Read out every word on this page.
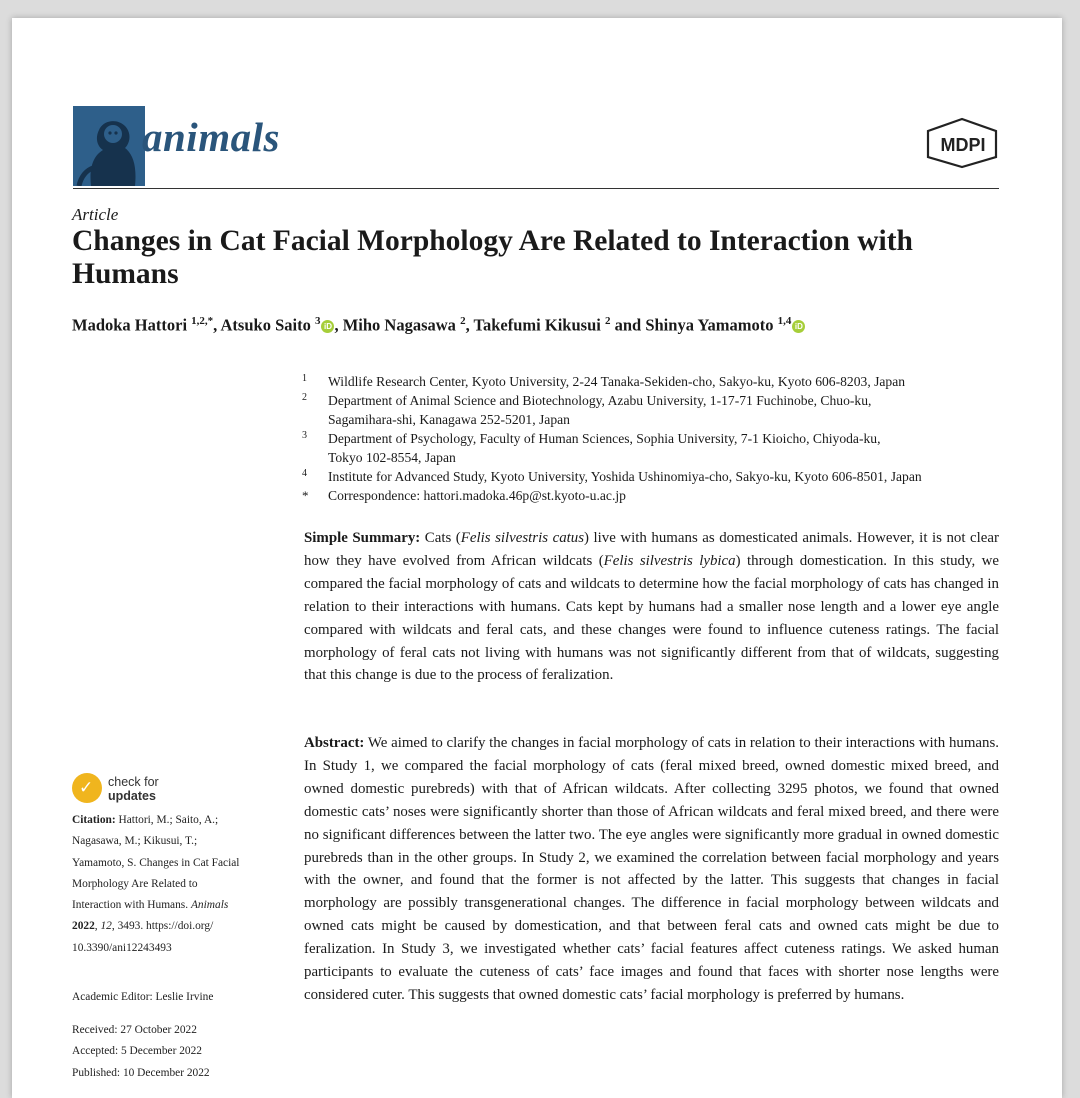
animals	MDPI
Article
Changes in Cat Facial Morphology Are Related to Interaction with Humans
Madoka Hattori $^{1,2,*}$, Atsuko Saito $^3$ iD , Miho Nagasawa $^2$, Takefumi Kikusui $^2$ and Shinya Yamamoto $^{1,4}$ iD
1 Wildlife Research Center, Kyoto University, 2-24 Tanaka-Sekiden-cho, Sakyo-ku, Kyoto 606-8203, Japan
2 Department of Animal Science and Biotechnology, Azabu University, 1-17-71 Fuchinobe, Chuo-ku,
Sagamihara-shi, Kanagawa 252-5201, Japan
3 Department of Psychology, Faculty of Human Sciences, Sophia University, 7-1 Kioicho, Chiyoda-ku,
Tokyo 102-8554, Japan
4 Institute for Advanced Study, Kyoto University, Yoshida Ushinomiya-cho, Sakyo-ku, Kyoto 606-8501, Japan
* Correspondence: hattori.madoka.46p@st.kyoto-u.ac.jp
Simple Summary: Cats (Felis silvestris catus) live with humans as domesticated animals. However, it is not clear how they have evolved from African wildcats (Felis silvestris lybica) through domestication. In this study, we compared the facial morphology of cats and wildcats to determine how the facial morphology of cats has changed in relation to their interactions with humans. Cats kept by humans had a smaller nose length and a lower eye angle compared with wildcats and feral cats, and these changes were found to influence cuteness ratings. The facial morphology of feral cats not living with humans was not significantly different from that of wildcats, suggesting that this change is due to the process of feralization.
Abstract: We aimed to clarify the changes in facial morphology of cats in relation to their interactions with humans. In Study 1, we compared the facial morphology of cats (feral mixed breed, owned domestic mixed breed, and owned domestic purebreds) with that of African wildcats. After collecting 3295 photos, we found that owned domestic cats’ noses were significantly shorter than those of African wildcats and feral mixed breed, and there were no significant differences between the latter two. The eye angles were significantly more gradual in owned domestic purebreds than in the other groups. In Study 2, we examined the correlation between facial morphology and years with the owner, and found that the former is not affected by the latter. This suggests that changes in facial morphology are possibly transgenerational changes. The difference in facial morphology between wildcats and owned cats might be caused by domestication, and that between feral cats and owned cats might be due to feralization. In Study 3, we investigated whether cats’ facial features affect cuteness ratings. We asked human participants to evaluate the cuteness of cats’ face images and found that faces with shorter nose lengths were considered cuter. This suggests that owned domestic cats’ facial morphology is preferred by humans.
✓ check for
updates
Citation: Hattori, M.; Saito, A.;
Nagasawa, M.; Kikusui, T.;
Yamamoto, S. Changes in Cat Facial
Morphology Are Related to
Interaction with Humans. Animals
2022, 12, 3493. https://doi.org/
10.3390/ani12243493
Academic Editor: Leslie Irvine
Received: 27 October 2022
Accepted: 5 December 2022
Published: 10 December 2022
